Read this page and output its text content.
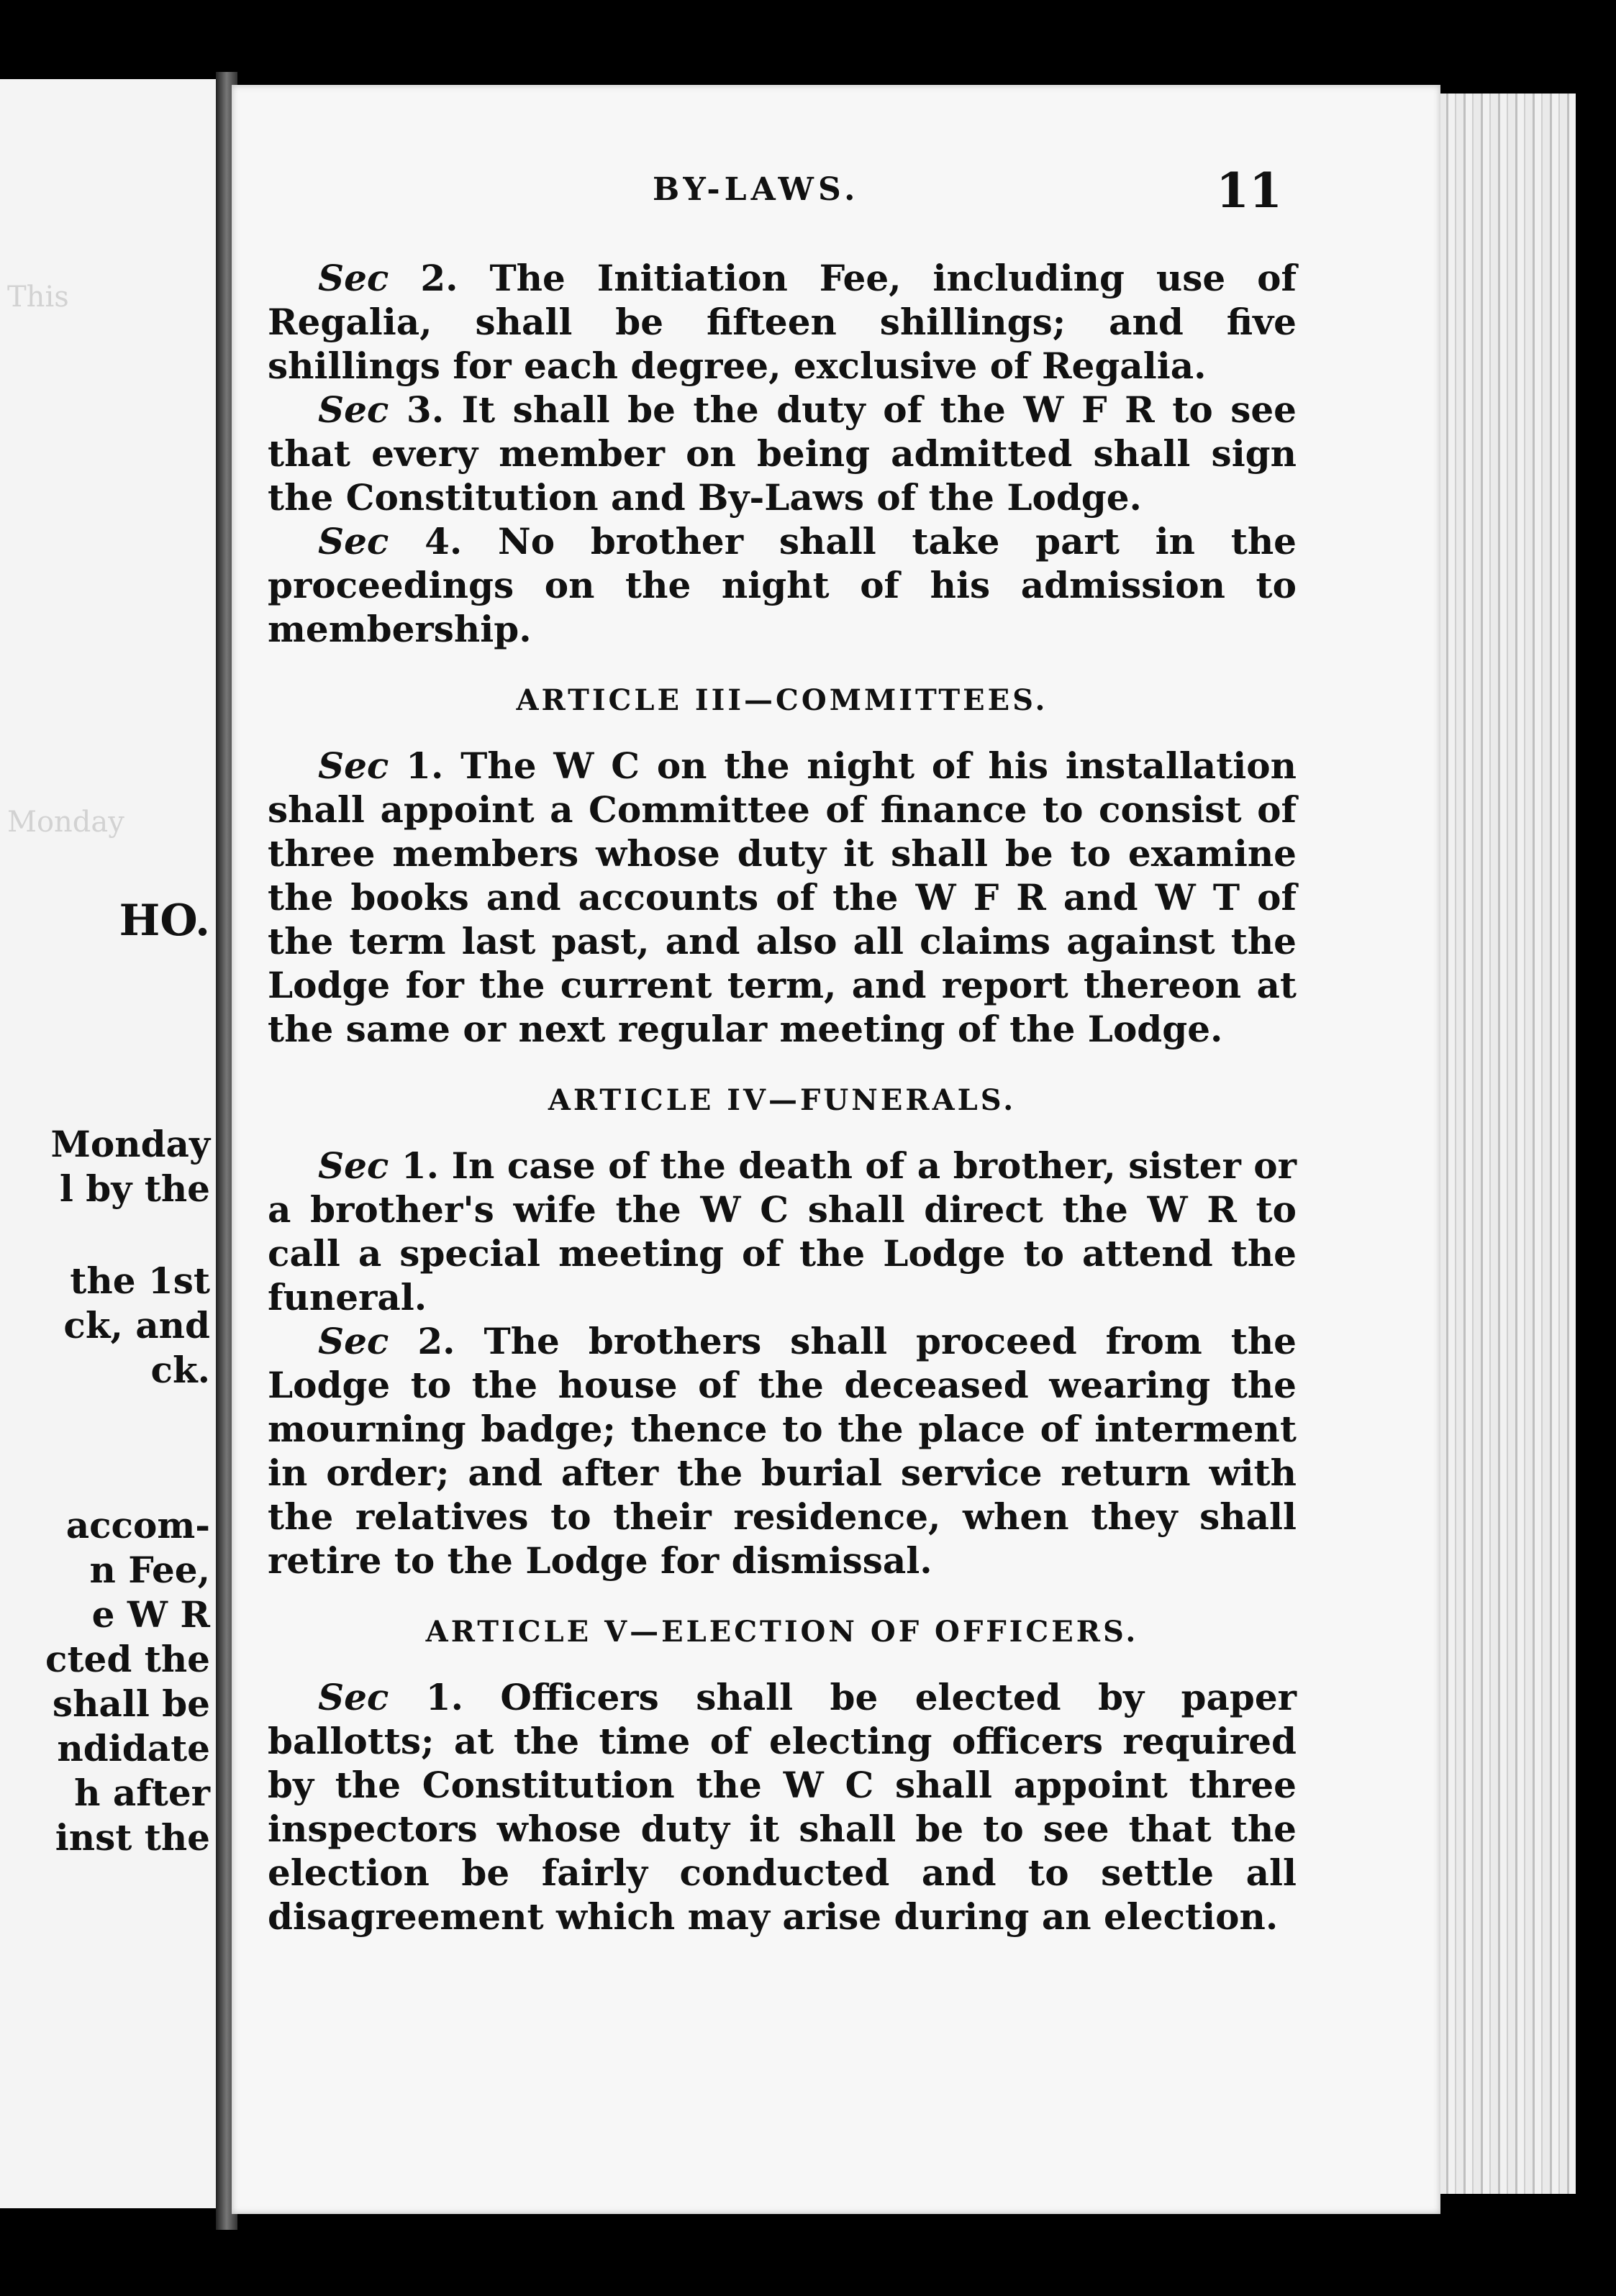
This
Monday
HO.
Monday
l by the
the 1st
ck, and
ck.
accom-
n Fee,
e W R
cted the
shall be
ndidate
h after
inst the
BY-LAWS.	11

Sec 2. The Initiation Fee, including use of Regalia, shall be fifteen shillings; and five shillings for each degree, exclusive of Regalia.

Sec 3. It shall be the duty of the W F R to see that every member on being admitted shall sign the Constitution and By-Laws of the Lodge.

Sec 4. No brother shall take part in the proceedings on the night of his admission to membership.

ARTICLE III—COMMITTEES.

Sec 1. The W C on the night of his installation shall appoint a Committee of finance to consist of three members whose duty it shall be to examine the books and accounts of the W F R and W T of the term last past, and also all claims against the Lodge for the current term, and report thereon at the same or next regular meeting of the Lodge.

ARTICLE IV—FUNERALS.

Sec 1. In case of the death of a brother, sister or a brother's wife the W C shall direct the W R to call a special meeting of the Lodge to attend the funeral.

Sec 2. The brothers shall proceed from the Lodge to the house of the deceased wearing the mourning badge; thence to the place of interment in order; and after the burial service return with the relatives to their residence, when they shall retire to the Lodge for dismissal.

ARTICLE V—ELECTION OF OFFICERS.

Sec 1. Officers shall be elected by paper ballotts; at the time of electing officers required by the Constitution the W C shall appoint three inspectors whose duty it shall be to see that the election be fairly conducted and to settle all disagreement which may arise during an election.
